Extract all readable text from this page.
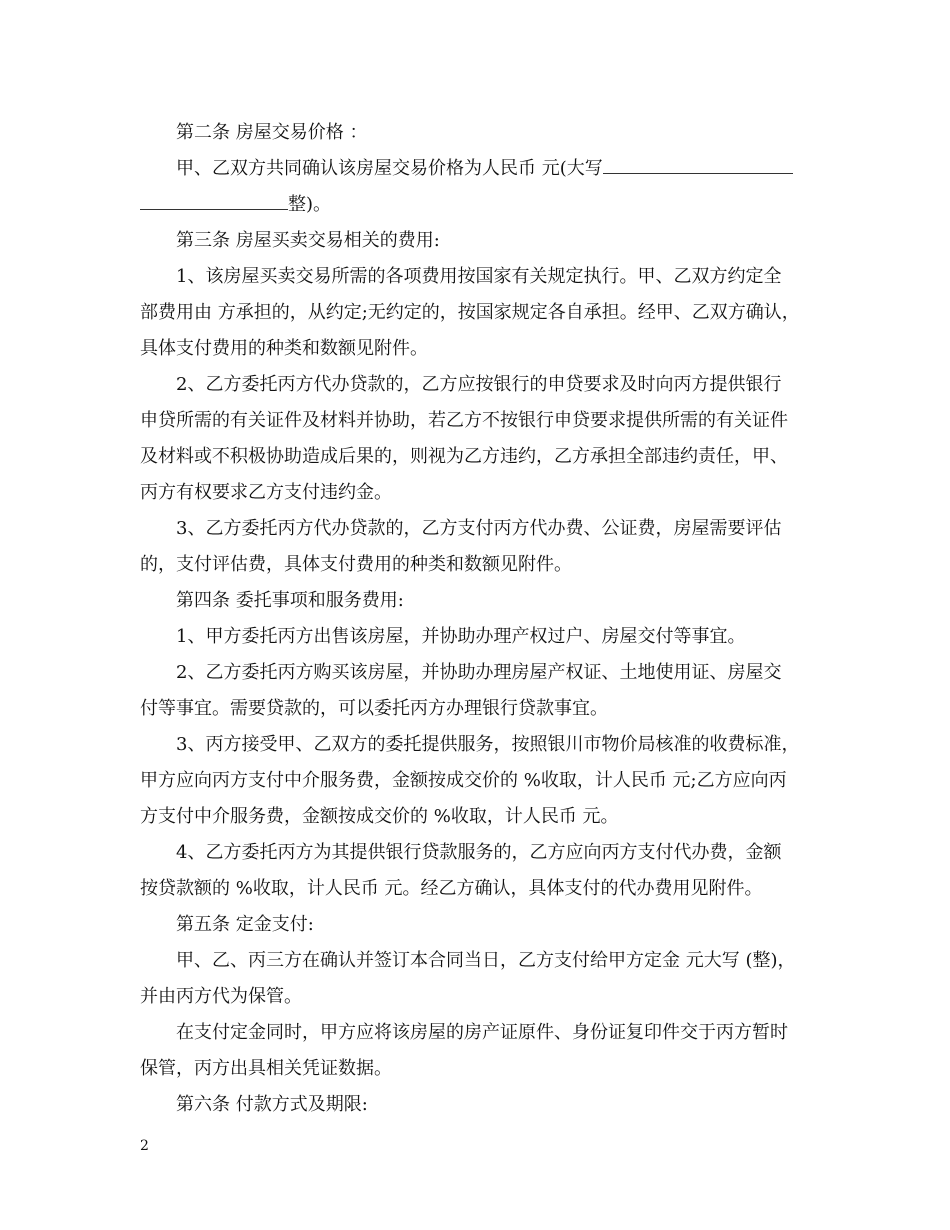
第二条 房屋交易价格 ：
甲、乙双方共同确认该房屋交易价格为人民币 元(大写
整)。
第三条 房屋买卖交易相关的费用:
1、该房屋买卖交易所需的各项费用按国家有关规定执行。甲、乙双方约定全
部费用由 方承担的，从约定;无约定的，按国家规定各自承担。经甲、乙双方确认，
具体支付费用的种类和数额见附件。
2、乙方委托丙方代办贷款的，乙方应按银行的申贷要求及时向丙方提供银行
申贷所需的有关证件及材料并协助，若乙方不按银行申贷要求提供所需的有关证件
及材料或不积极协助造成后果的，则视为乙方违约，乙方承担全部违约责任，甲、
丙方有权要求乙方支付违约金。
3、乙方委托丙方代办贷款的，乙方支付丙方代办费、公证费，房屋需要评估
的，支付评估费，具体支付费用的种类和数额见附件。
第四条 委托事项和服务费用:
1、甲方委托丙方出售该房屋，并协助办理产权过户、房屋交付等事宜。
2、乙方委托丙方购买该房屋，并协助办理房屋产权证、土地使用证、房屋交
付等事宜。需要贷款的，可以委托丙方办理银行贷款事宜。
3、丙方接受甲、乙双方的委托提供服务，按照银川市物价局核准的收费标准，
甲方应向丙方支付中介服务费，金额按成交价的 %收取，计人民币 元;乙方应向丙
方支付中介服务费，金额按成交价的 %收取，计人民币 元。
4、乙方委托丙方为其提供银行贷款服务的，乙方应向丙方支付代办费，金额
按贷款额的 %收取，计人民币 元。经乙方确认，具体支付的代办费用见附件。
第五条 定金支付:
甲、乙、丙三方在确认并签订本合同当日，乙方支付给甲方定金 元大写 (整)，
并由丙方代为保管。
在支付定金同时，甲方应将该房屋的房产证原件、身份证复印件交于丙方暂时
保管，丙方出具相关凭证数据。
第六条 付款方式及期限:
2
